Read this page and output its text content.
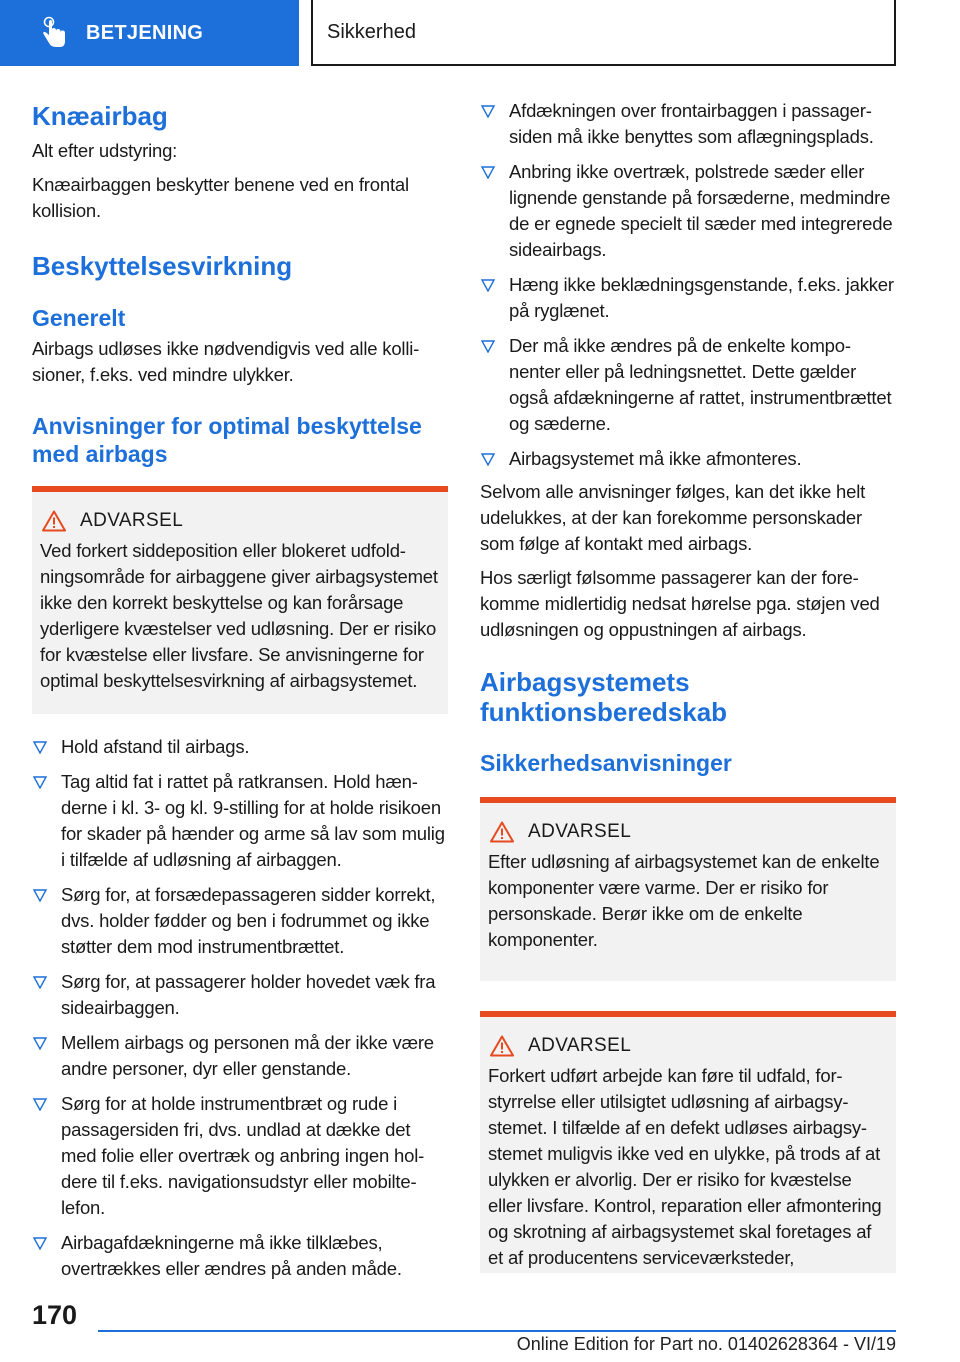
BETJENING	Sikkerhed
Knæairbag

Alt efter udstyring:

Knæairbaggen beskytter benene ved en frontal kollision.

Beskyttelsesvirkning
Generelt

Airbags udløses ikke nødvendigvis ved alle kollisioner, f.eks. ved mindre ulykker.

Anvisninger for optimal beskyttelse med airbags
ADVARSEL
Ved forkert siddeposition eller blokeret udfoldningsområde for airbaggene giver airbagsystemet ikke den korrekt beskyttelse og kan forårsage yderligere kvæstelser ved udløsning. Der er risiko for kvæstelse eller livsfare. Se anvisningerne for optimal beskyttelsesvirkning af airbagsystemet.
Hold afstand til airbags.
Tag altid fat i rattet på ratkransen. Hold hænderne i kl. 3- og kl. 9-stilling for at holde risikoen for skader på hænder og arme så lav som mulig i tilfælde af udløsning af airbaggen.
Sørg for, at forsædepassageren sidder korrekt, dvs. holder fødder og ben i fodrummet og ikke støtter dem mod instrumentbrættet.
Sørg for, at passagerer holder hovedet væk fra sideairbaggen.
Mellem airbags og personen må der ikke være andre personer, dyr eller genstande.
Sørg for at holde instrumentbræt og rude i passagersiden fri, dvs. undlad at dække det med folie eller overtræk og anbring ingen holdere til f.eks. navigationsudstyr eller mobiltelefon.
Airbagafdækningerne må ikke tilklæbes, overtrækkes eller ændres på anden måde.
Afdækningen over frontairbaggen i passagersiden må ikke benyttes som aflægningsplads.
Anbring ikke overtræk, polstrede sæder eller lignende genstande på forsæderne, medmindre de er egnede specielt til sæder med integrerede sideairbags.
Hæng ikke beklædningsgenstande, f.eks. jakker på ryglænet.
Der må ikke ændres på de enkelte komponenter eller på ledningsnettet. Dette gælder også afdækningerne af rattet, instrumentbrættet og sæderne.
Airbagsystemet må ikke afmonteres.

Selvom alle anvisninger følges, kan det ikke helt udelukkes, at der kan forekomme personskader som følge af kontakt med airbags.

Hos særligt følsomme passagerer kan der forekomme midlertidig nedsat hørelse pga. støjen ved udløsningen og oppustningen af airbags.

Airbagsystemets funktionsberedskab
Sikkerhedsanvisninger
ADVARSEL
Efter udløsning af airbagsystemet kan de enkelte komponenter være varme. Der er risiko for personskade. Berør ikke om de enkelte komponenter.
ADVARSEL
Forkert udført arbejde kan føre til udfald, forstyrrelse eller utilsigtet udløsning af airbagsystemet. I tilfælde af en defekt udløses airbagsystemet muligvis ikke ved en ulykke, på trods af at ulykken er alvorlig. Der er risiko for kvæstelse eller livsfare. Kontrol, reparation eller afmontering og skrotning af airbagsystemet skal foretages af et af producentens serviceværksteder,
170
Online Edition for Part no. 01402628364 - VI/19
